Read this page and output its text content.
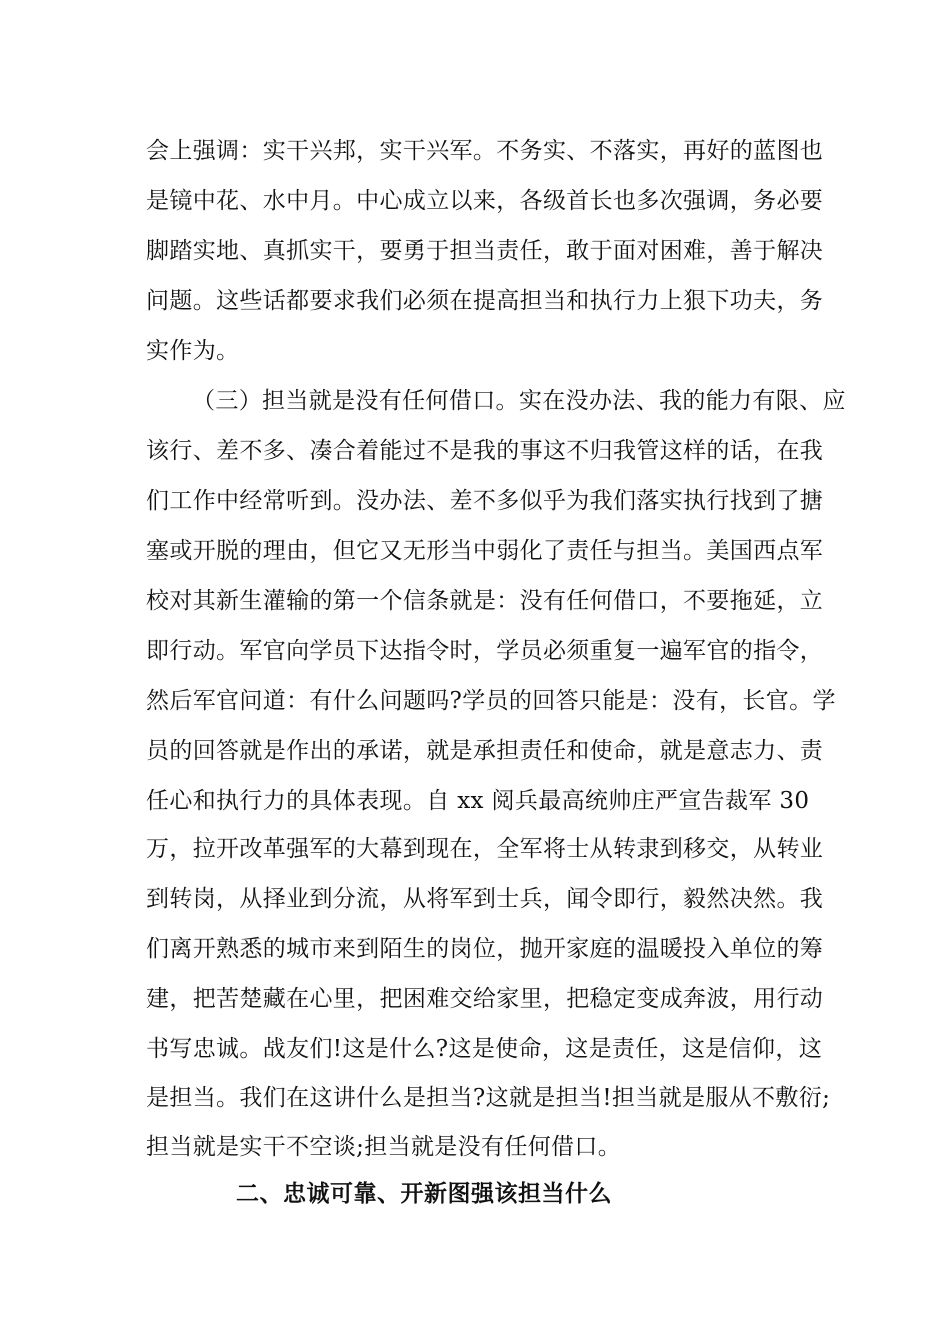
会上强调：实干兴邦，实干兴军。不务实、不落实，再好的蓝图也
是镜中花、水中月。中心成立以来，各级首长也多次强调，务必要
脚踏实地、真抓实干，要勇于担当责任，敢于面对困难，善于解决
问题。这些话都要求我们必须在提高担当和执行力上狠下功夫，务
实作为。
（三）担当就是没有任何借口。实在没办法、我的能力有限、应
该行、差不多、凑合着能过不是我的事这不归我管这样的话，在我
们工作中经常听到。没办法、差不多似乎为我们落实执行找到了搪
塞或开脱的理由，但它又无形当中弱化了责任与担当。美国西点军
校对其新生灌输的第一个信条就是：没有任何借口，不要拖延，立
即行动。军官向学员下达指令时，学员必须重复一遍军官的指令，
然后军官问道：有什么问题吗?学员的回答只能是：没有，长官。学
员的回答就是作出的承诺，就是承担责任和使命，就是意志力、责
任心和执行力的具体表现。自 xx 阅兵最高统帅庄严宣告裁军 30
万，拉开改革强军的大幕到现在，全军将士从转隶到移交，从转业
到转岗，从择业到分流，从将军到士兵，闻令即行，毅然决然。我
们离开熟悉的城市来到陌生的岗位，抛开家庭的温暖投入单位的筹
建，把苦楚藏在心里，把困难交给家里，把稳定变成奔波，用行动
书写忠诚。战友们!这是什么?这是使命，这是责任，这是信仰，这
是担当。我们在这讲什么是担当?这就是担当!担当就是服从不敷衍;
担当就是实干不空谈;担当就是没有任何借口。
二、忠诚可靠、开新图强该担当什么
